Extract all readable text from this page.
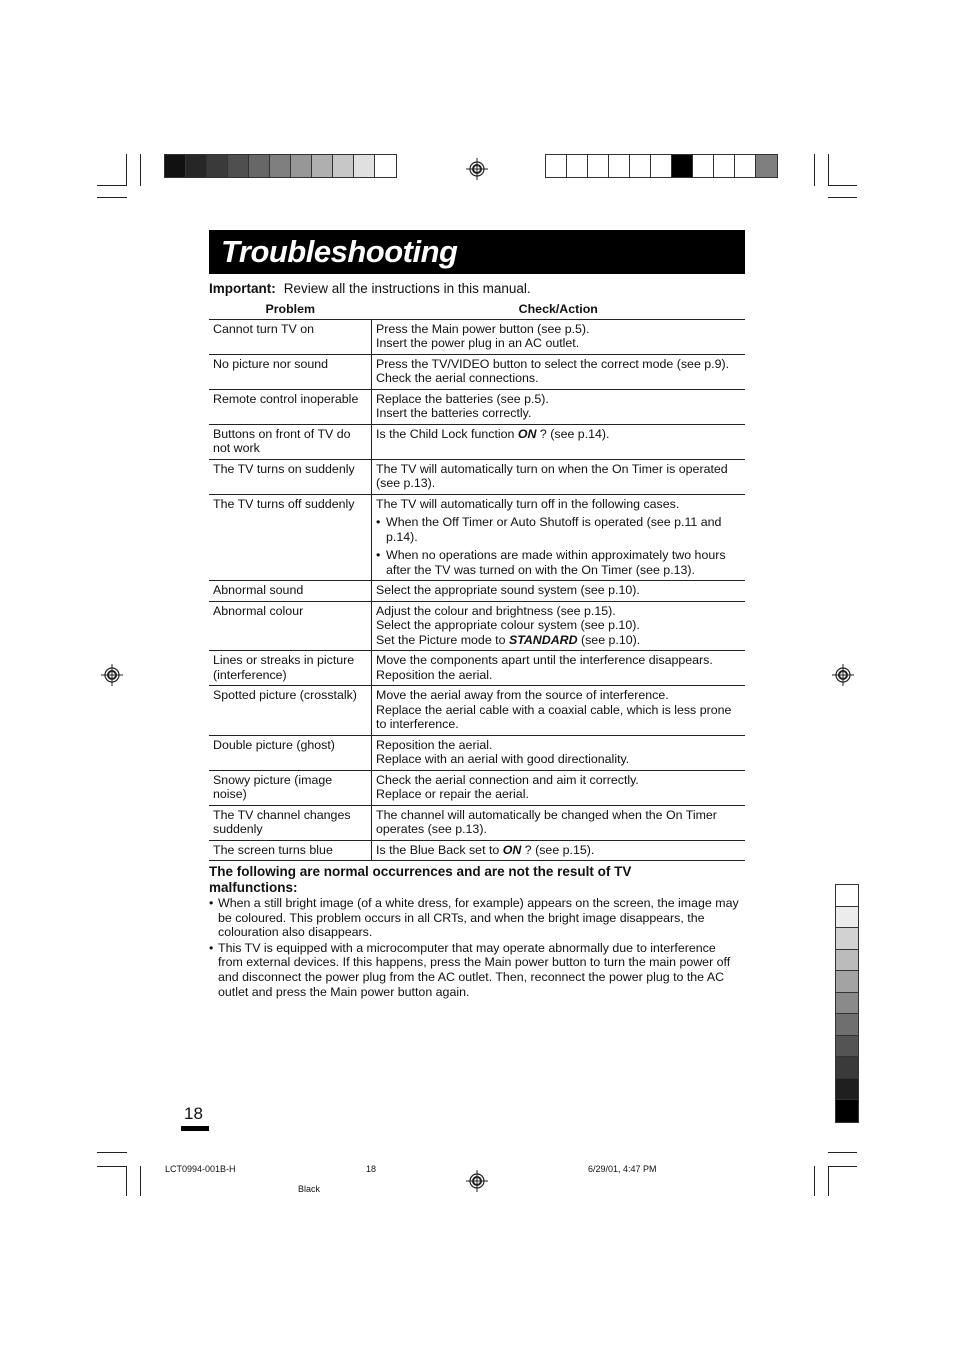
Troubleshooting
Important: Review all the instructions in this manual.
Problem	Check/Action
Cannot turn TV on	Press the Main power button (see p.5).
Insert the power plug in an AC outlet.

No picture nor sound	Press the TV/VIDEO button to select the correct mode (see p.9).
Check the aerial connections.

Remote control inoperable	Replace the batteries (see p.5).
Insert the batteries correctly.

Buttons on front of TV do not work	Is the Child Lock function ON ? (see p.14).

The TV turns on suddenly	The TV will automatically turn on when the On Timer is operated (see p.13).

The TV turns off suddenly	The TV will automatically turn off in the following cases.
• When the Off Timer or Auto Shutoff is operated (see p.11 and p.14).
• When no operations are made within approximately two hours after the TV was turned on with the On Timer (see p.13).

Abnormal sound	Select the appropriate sound system (see p.10).

Abnormal colour	Adjust the colour and brightness (see p.15).
Select the appropriate colour system (see p.10).
Set the Picture mode to STANDARD (see p.10).

Lines or streaks in picture (interference)	Move the components apart until the interference disappears.
Reposition the aerial.

Spotted picture (crosstalk)	Move the aerial away from the source of interference.
Replace the aerial cable with a coaxial cable, which is less prone to interference.

Double picture (ghost)	Reposition the aerial.
Replace with an aerial with good directionality.

Snowy picture (image noise)	Check the aerial connection and aim it correctly.
Replace or repair the aerial.

The TV channel changes suddenly	The channel will automatically be changed when the On Timer operates (see p.13).

The screen turns blue	Is the Blue Back set to ON ? (see p.15).
The following are normal occurrences and are not the result of TV malfunctions:
• When a still bright image (of a white dress, for example) appears on the screen, the image may be coloured. This problem occurs in all CRTs, and when the bright image disappears, the colouration also disappears.
• This TV is equipped with a microcomputer that may operate abnormally due to interference from external devices. If this happens, press the Main power button to turn the main power off and disconnect the power plug from the AC outlet. Then, reconnect the power plug to the AC outlet and press the Main power button again.
18
LCT0994-001B-H	18	6/29/01, 4:47 PM
Black
